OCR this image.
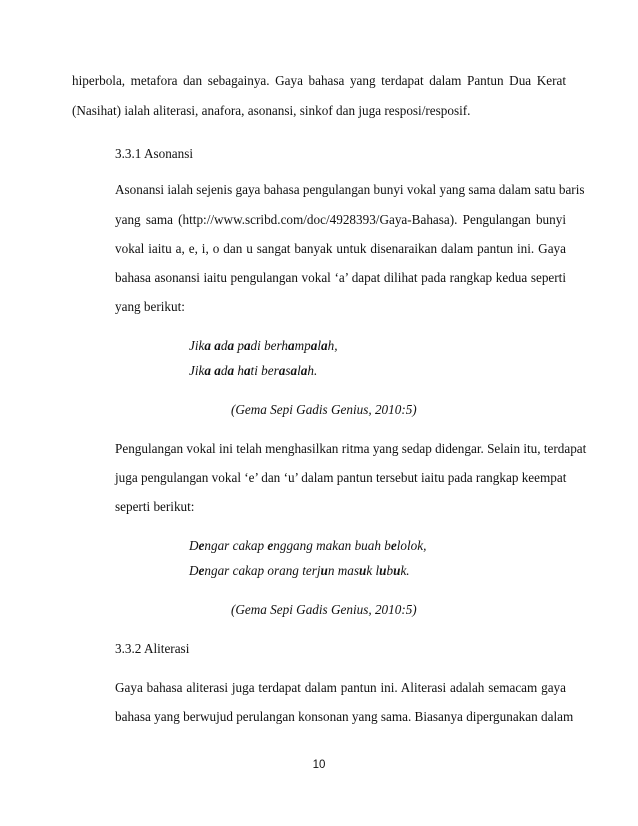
hiperbola, metafora dan sebagainya. Gaya bahasa yang terdapat dalam Pantun Dua Kerat

(Nasihat) ialah aliterasi, anafora, asonansi, sinkof dan juga resposi/resposif.

3.3.1 Asonansi

Asonansi ialah sejenis gaya bahasa pengulangan bunyi vokal yang sama dalam satu baris

yang sama (http://www.scribd.com/doc/4928393/Gaya-Bahasa). Pengulangan bunyi

vokal iaitu a, e, i, o dan u sangat banyak untuk disenaraikan dalam pantun ini. Gaya

bahasa asonansi iaitu pengulangan vokal ‘a’ dapat dilihat pada rangkap kedua seperti

yang berikut:

Jika ada padi berhampalah,

Jika ada hati berasalah.

(Gema Sepi Gadis Genius, 2010:5)

Pengulangan vokal ini telah menghasilkan ritma yang sedap didengar. Selain itu, terdapat

juga pengulangan vokal ‘e’ dan ‘u’ dalam pantun tersebut iaitu pada rangkap keempat

seperti berikut:

Dengar cakap enggang makan buah belolok,

Dengar cakap orang terjun masuk lubuk.

(Gema Sepi Gadis Genius, 2010:5)

3.3.2 Aliterasi

Gaya bahasa aliterasi juga terdapat dalam pantun ini. Aliterasi adalah semacam gaya

bahasa yang berwujud perulangan konsonan yang sama. Biasanya dipergunakan dalam

10
